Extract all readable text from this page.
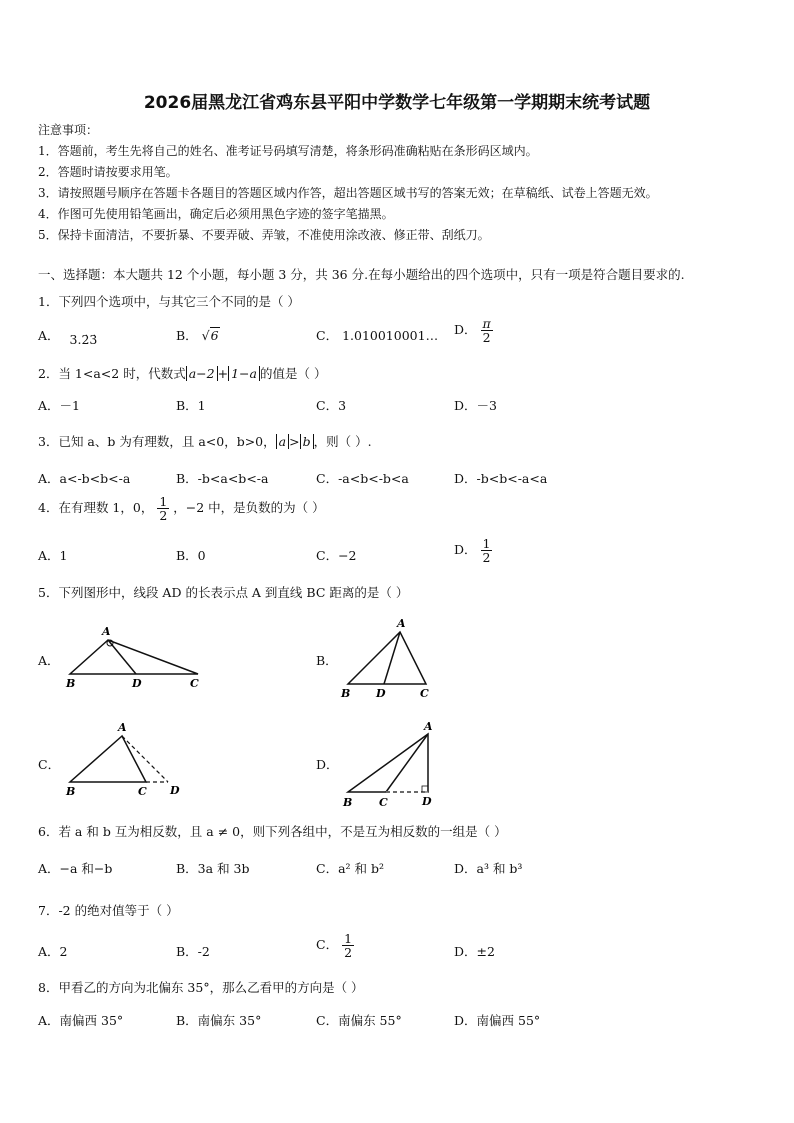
2026届黑龙江省鸡东县平阳中学数学七年级第一学期期末统考试题
注意事项：
1．答题前，考生先将自己的姓名、准考证号码填写清楚，将条形码准确粘贴在条形码区域内。
2．答题时请按要求用笔。
3．请按照题号顺序在答题卡各题目的答题区域内作答，超出答题区域书写的答案无效；在草稿纸、试卷上答题无效。
4．作图可先使用铅笔画出，确定后必须用黑色字迹的签字笔描黑。
5．保持卡面清洁，不要折暴、不要弄破、弄皱，不准使用涂改液、修正带、刮纸刀。
一、选择题：本大题共 12 个小题，每小题 3 分，共 36 分.在每小题给出的四个选项中，只有一项是符合题目要求的.
1．下列四个选项中，与其它三个不同的是（ ）
A． 3.2̇3̇	B． √6	C． 1.010010001… D． $\frac{\pi}{2}$
2．当 1<a<2 时，代数式 a−2 + 1−a 的值是（ ）
A．－1	B．1	C．3	D．－3
3．已知 a、b 为有理数，且 a<0，b>0， a > b ，则（ ）.
A．a<-b<b<-a	B．-b<a<b<-a	C．-a<b<-b<a	D．-b<b<-a<a
4．在有理数 1，0， $\frac{1}{2}$ ，−2 中，是负数的为（ ）
A．1	B．0	C．−2	D． $\frac{1}{2}$
5．下列图形中，线段 AD 的长表示点 A 到直线 BC 距离的是（ ）
A．	B．
C．	D．
A
B	D	C
A
B D	C
A
B	C D
A
B C	D
6．若 a 和 b 互为相反数，且 a ≠ 0，则下列各组中，不是互为相反数的一组是（ ）
A．−a 和−b	B．3a 和 3b	C．a² 和 b²	D．a³ 和 b³
7．-2 的绝对值等于（ ）
A．2	B．-2	C． $\frac{1}{2}$	D．±2
8．甲看乙的方向为北偏东 35°，那么乙看甲的方向是（ ）
A．南偏西 35°	B．南偏东 35°	C．南偏东 55°	D．南偏西 55°
